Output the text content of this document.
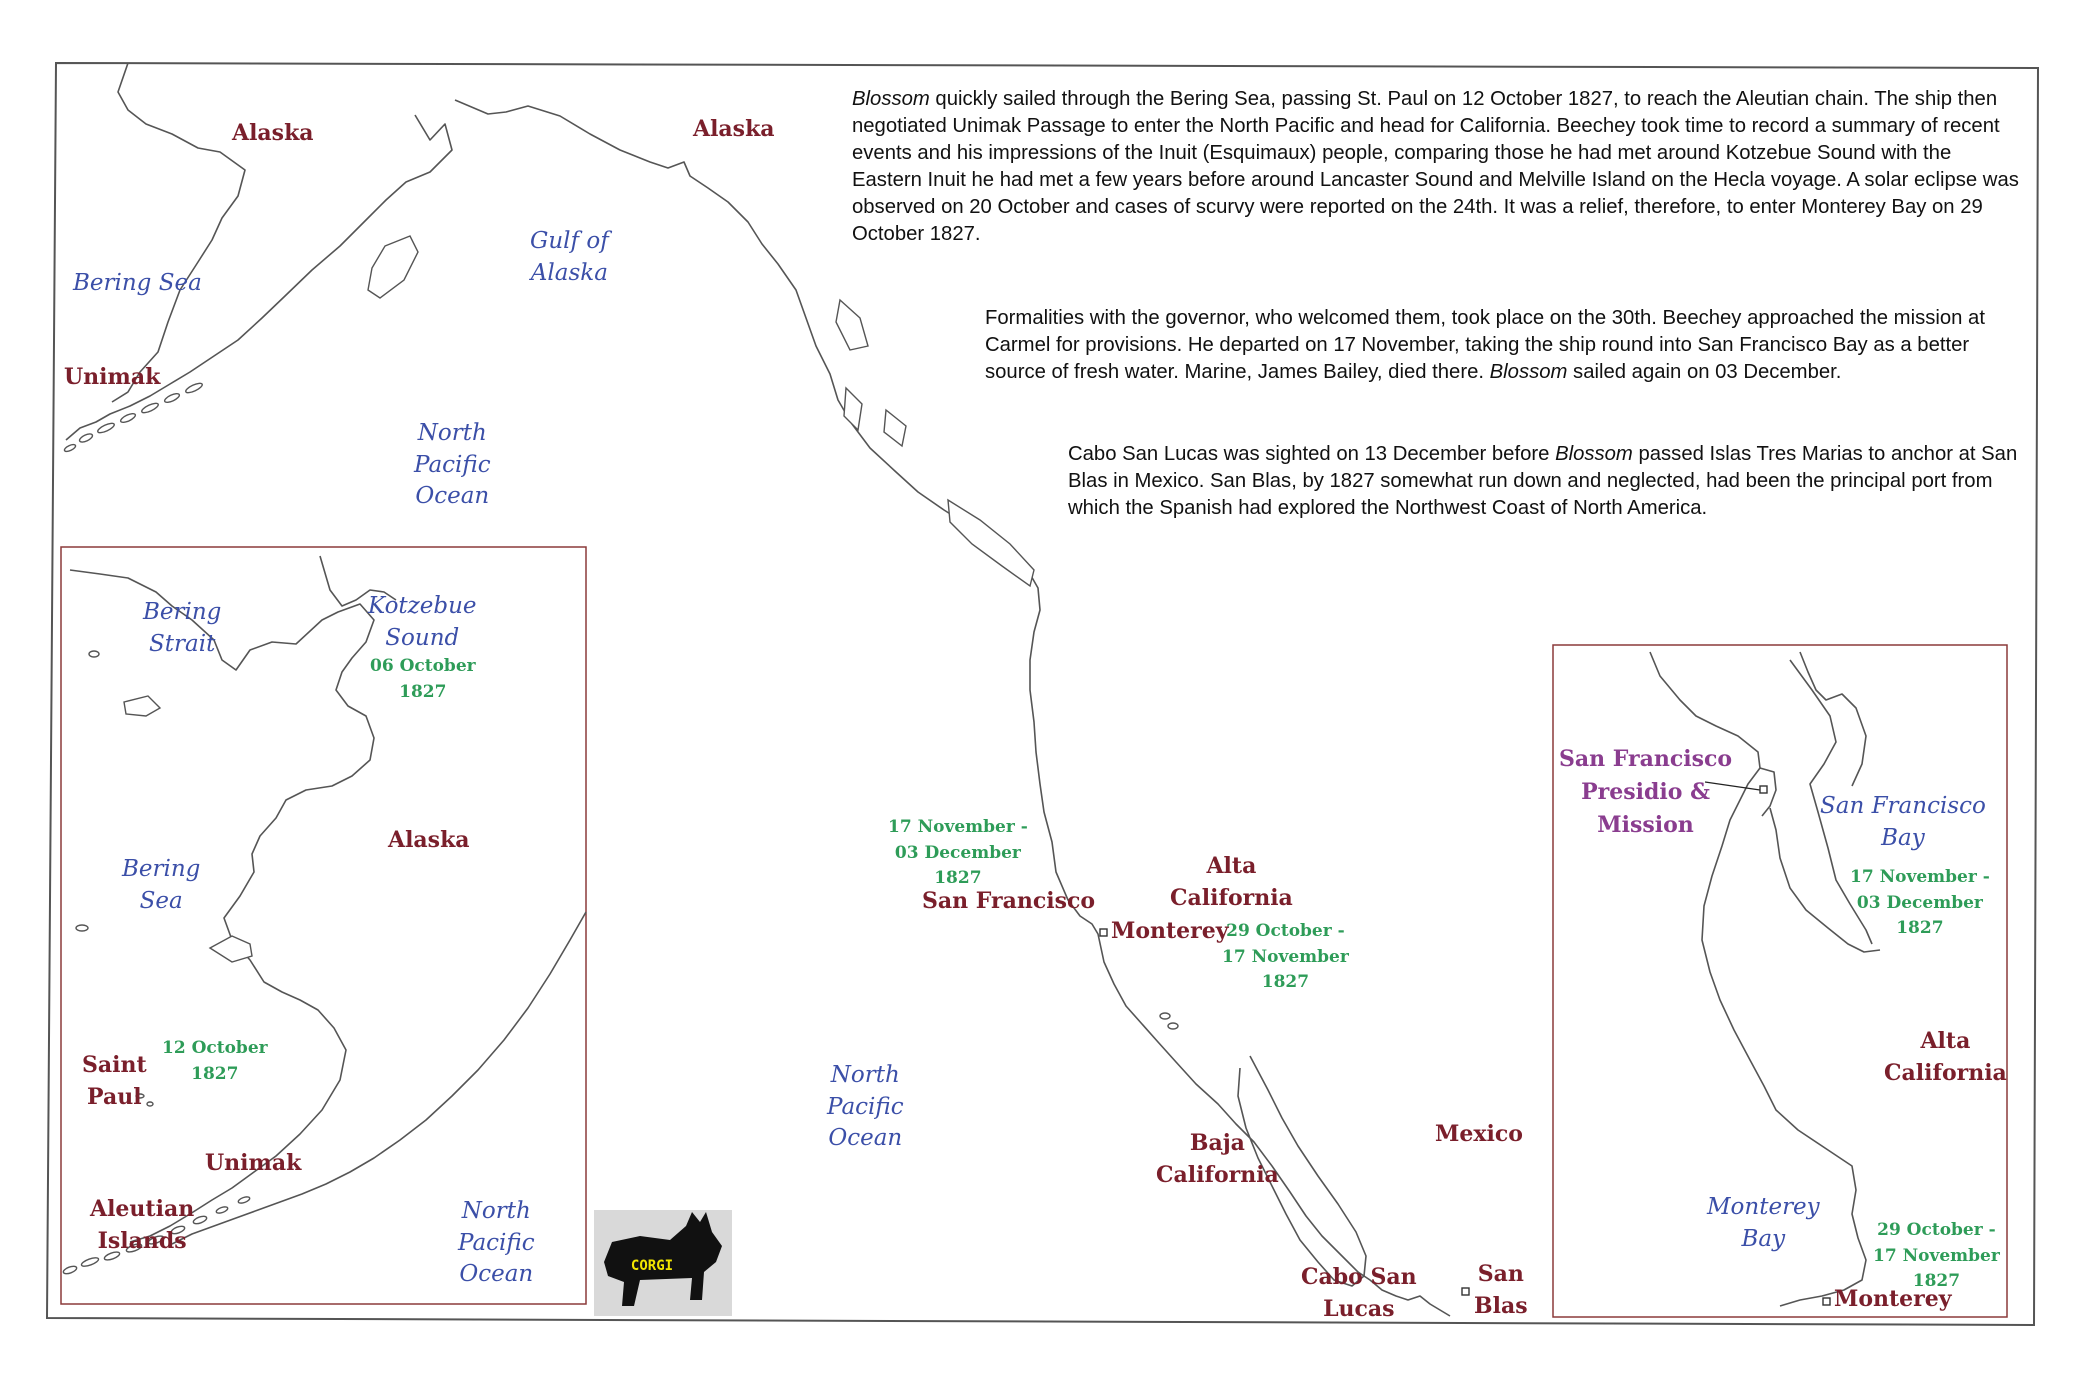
CORGI

Blossom quickly sailed through the Bering Sea, passing St. Paul on 12 October 1827, to reach the Aleutian chain. The ship then negotiated Unimak Passage to enter the North Pacific and head for California. Beechey took time to record a summary of recent events and his impressions of the Inuit (Esquimaux) people, comparing those he had met around Kotzebue Sound with the Eastern Inuit he had met a few years before around Lancaster Sound and Melville Island on the Hecla voyage. A solar eclipse was observed on 20 October and cases of scurvy were reported on the 24th. It was a relief, therefore, to enter Monterey Bay on 29 October 1827.

Formalities with the governor, who welcomed them, took place on the 30th. Beechey approached the mission at Carmel for provisions. He departed on 17 November, taking the ship round into San Francisco Bay as a better source of fresh water. Marine, James Bailey, died there. Blossom sailed again on 03 December.

Cabo San Lucas was sighted on 13 December before Blossom passed Islas Tres Marias to anchor at San Blas in Mexico. San Blas, by 1827 somewhat run down and neglected, had been the principal port from which the Spanish had explored the Northwest Coast of North America.

Alaska	Alaska
Bering Sea
Gulf of
Alaska
Unimak
North
Pacific
Ocean
North
Pacific
Ocean
17 November -
03 December
1827
San Francisco
Alta
California
Monterey
29 October -
17 November
1827
Baja
California
Mexico
Cabo San
Lucas
San
Blas
Bering
Strait
Kotzebue
Sound
06 October
1827
Alaska
Bering
Sea
Saint
Paul
12 October
1827
Unimak
Aleutian
Islands
North
Pacific
Ocean
San Francisco
Presidio &
Mission
San Francisco
Bay
17 November -
03 December
1827
Alta
California
Monterey
Bay	29 October -
17 November
1827
Monterey
